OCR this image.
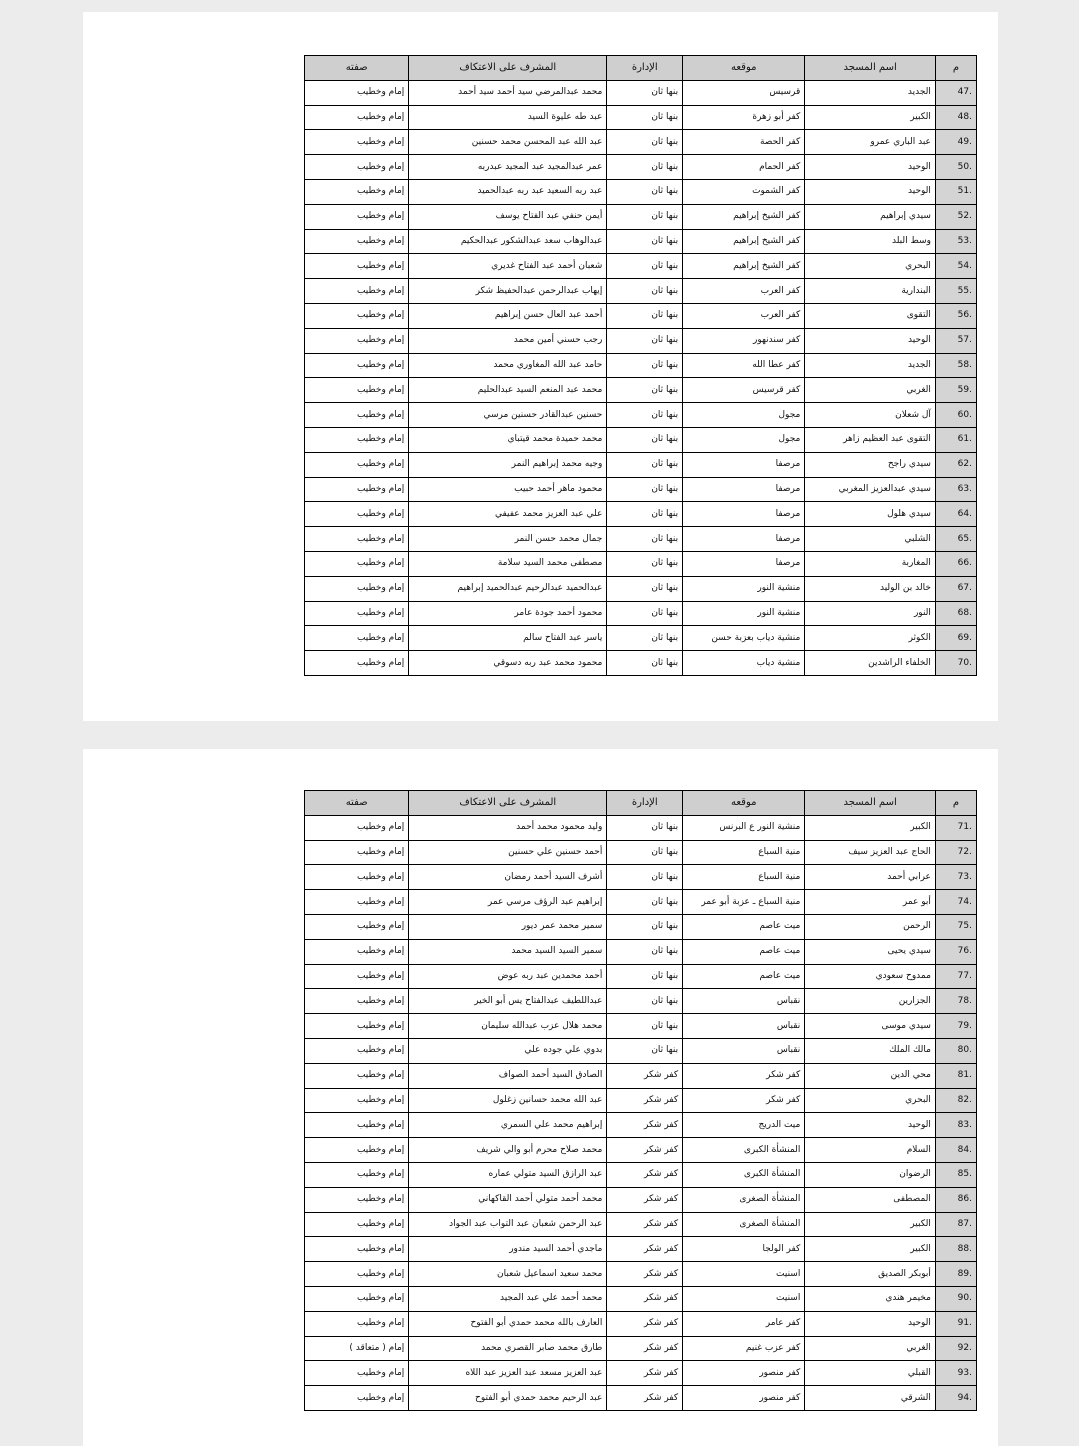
م	اسم المسجد	موقعه	الإدارة	المشرف على الاعتكاف	صفته
47.	الجديد	قرسيس	بنها ثان	محمد عبدالمرضي سيد أحمد سيد أحمد	إمام وخطيب
48.	الكبير	كفر أبو زهرة	بنها ثان	عبد طه عليوة السيد	إمام وخطيب
49.	عبد الباري عمرو	كفر الحصة	بنها ثان	عبد الله عبد المحسن محمد حسنين	إمام وخطيب
50.	الوحيد	كفر الحمام	بنها ثان	عمر عبدالمجيد عبد المجيد عبدربه	إمام وخطيب
51.	الوحيد	كفر الشموت	بنها ثان	عبد ربه السعيد عبد ربه عبدالحميد	إمام وخطيب
52.	سيدي إبراهيم	كفر الشيخ إبراهيم	بنها ثان	أيمن حنفي عبد الفتاح يوسف	إمام وخطيب
53.	وسط البلد	كفر الشيخ إبراهيم	بنها ثان	عبدالوهاب سعد عبدالشكور عبدالحكيم	إمام وخطيب
54.	البحري	كفر الشيخ إبراهيم	بنها ثان	شعبان أحمد عبد الفتاح غديري	إمام وخطيب
55.	البندارية	كفر العرب	بنها ثان	إيهاب عبدالرحمن عبدالحفيظ شكر	إمام وخطيب
56.	التقوى	كفر العرب	بنها ثان	أحمد عبد العال حسن إبراهيم	إمام وخطيب
57.	الوحيد	كفر سندنهور	بنها ثان	رجب حسني أمين محمد	إمام وخطيب
58.	الجديد	كفر عطا الله	بنها ثان	حامد عبد الله المغاوري محمد	إمام وخطيب
59.	الغربي	كفر قرسيس	بنها ثان	محمد عبد المنعم السيد عبدالحليم	إمام وخطيب
60.	آل شعلان	مجول	بنها ثان	حسنين عبدالقادر حسنين مرسي	إمام وخطيب
61.	التقوى عبد العظيم زاهر	مجول	بنها ثان	محمد حميدة محمد قيتباي	إمام وخطيب
62.	سيدي راجح	مرصفا	بنها ثان	وجيه محمد إبراهيم النمر	إمام وخطيب
63.	سيدي عبدالعزيز المغربي	مرصفا	بنها ثان	محمود ماهر أحمد حبيب	إمام وخطيب
64.	سيدي هلول	مرصفا	بنها ثان	علي عبد العزيز محمد عفيفي	إمام وخطيب
65.	الشلبي	مرصفا	بنها ثان	جمال محمد حسن النمر	إمام وخطيب
66.	المغاربة	مرصفا	بنها ثان	مصطفى محمد السيد سلامة	إمام وخطيب
67.	خالد بن الوليد	منشية النور	بنها ثان	عبدالحميد عبدالرحيم عبدالحميد إبراهيم	إمام وخطيب
68.	النور	منشية النور	بنها ثان	محمود أحمد جودة عامر	إمام وخطيب
69.	الكوثر	منشية دياب بعزبة حسن	بنها ثان	ياسر عبد الفتاح سالم	إمام وخطيب
70.	الخلفاء الراشدين	منشية دياب	بنها ثان	محمود محمد عبد ربه دسوقي	إمام وخطيب
م	اسم المسجد	موقعه	الإدارة	المشرف على الاعتكاف	صفته
71.	الكبير	منشية النور ع البرنس	بنها ثان	وليد محمود محمد أحمد	إمام وخطيب
72.	الحاج عبد العزيز سيف	منية السباع	بنها ثان	أحمد حسنين علي حسنين	إمام وخطيب
73.	عرابي أحمد	منية السباع	بنها ثان	أشرف السيد أحمد رمضان	إمام وخطيب
74.	أبو عمر	منية السباع ـ عزبة أبو عمر	بنها ثان	إبراهيم عبد الرؤف مرسي عمر	إمام وخطيب
75.	الرحمن	ميت عاصم	بنها ثان	سمير محمد عمر ديور	إمام وخطيب
76.	سيدي يحيى	ميت عاصم	بنها ثان	سمير السيد السيد محمد	إمام وخطيب
77.	ممدوح سعودي	ميت عاصم	بنها ثان	أحمد محمدين عبد ربه عوض	إمام وخطيب
78.	الجزارين	نقباس	بنها ثان	عبداللطيف عبدالفتاح يس أبو الخير	إمام وخطيب
79.	سيدي موسى	نقباس	بنها ثان	محمد هلال عزب عبدالله سليمان	إمام وخطيب
80.	مالك الملك	نقباس	بنها ثان	بدوي علي جوده علي	إمام وخطيب
81.	محي الدين	كفر شكر	كفر شكر	الصادق السيد أحمد الصواف	إمام وخطيب
82.	البحري	كفر شكر	كفر شكر	عبد الله محمد حسانين زغلول	إمام وخطيب
83.	الوحيد	ميت الدريج	كفر شكر	إبراهيم محمد علي السمري	إمام وخطيب
84.	السلام	المنشأة الكبرى	كفر شكر	محمد صلاح محرم أبو والي شريف	إمام وخطيب
85.	الرضوان	المنشأة الكبرى	كفر شكر	عبد الرازق السيد متولي عماره	إمام وخطيب
86.	المصطفى	المنشأة الصغرى	كفر شكر	محمد أحمد متولي أحمد القاكهاني	إمام وخطيب
87.	الكبير	المنشأة الصغرى	كفر شكر	عبد الرحمن شعبان عبد التواب عبد الجواد	إمام وخطيب
88.	الكبير	كفر الولجا	كفر شكر	ماجدي أحمد السيد مندور	إمام وخطيب
89.	أبوبكر الصديق	اسنيت	كفر شكر	محمد سعيد اسماعيل شعبان	إمام وخطيب
90.	مخيمر هندي	اسنيت	كفر شكر	محمد أحمد علي عبد المجيد	إمام وخطيب
91.	الوحيد	كفر عامر	كفر شكر	العارف بالله محمد حمدي أبو الفتوح	إمام وخطيب
92.	الغربي	كفر عزب غنيم	كفر شكر	طارق محمد صابر القصري محمد	إمام ( متعاقد )
93.	القبلي	كفر منصور	كفر شكر	عبد العزيز مسعد عبد العزيز عبد اللاه	إمام وخطيب
94.	الشرقي	كفر منصور	كفر شكر	عبد الرحيم محمد حمدي أبو الفتوح	إمام وخطيب
